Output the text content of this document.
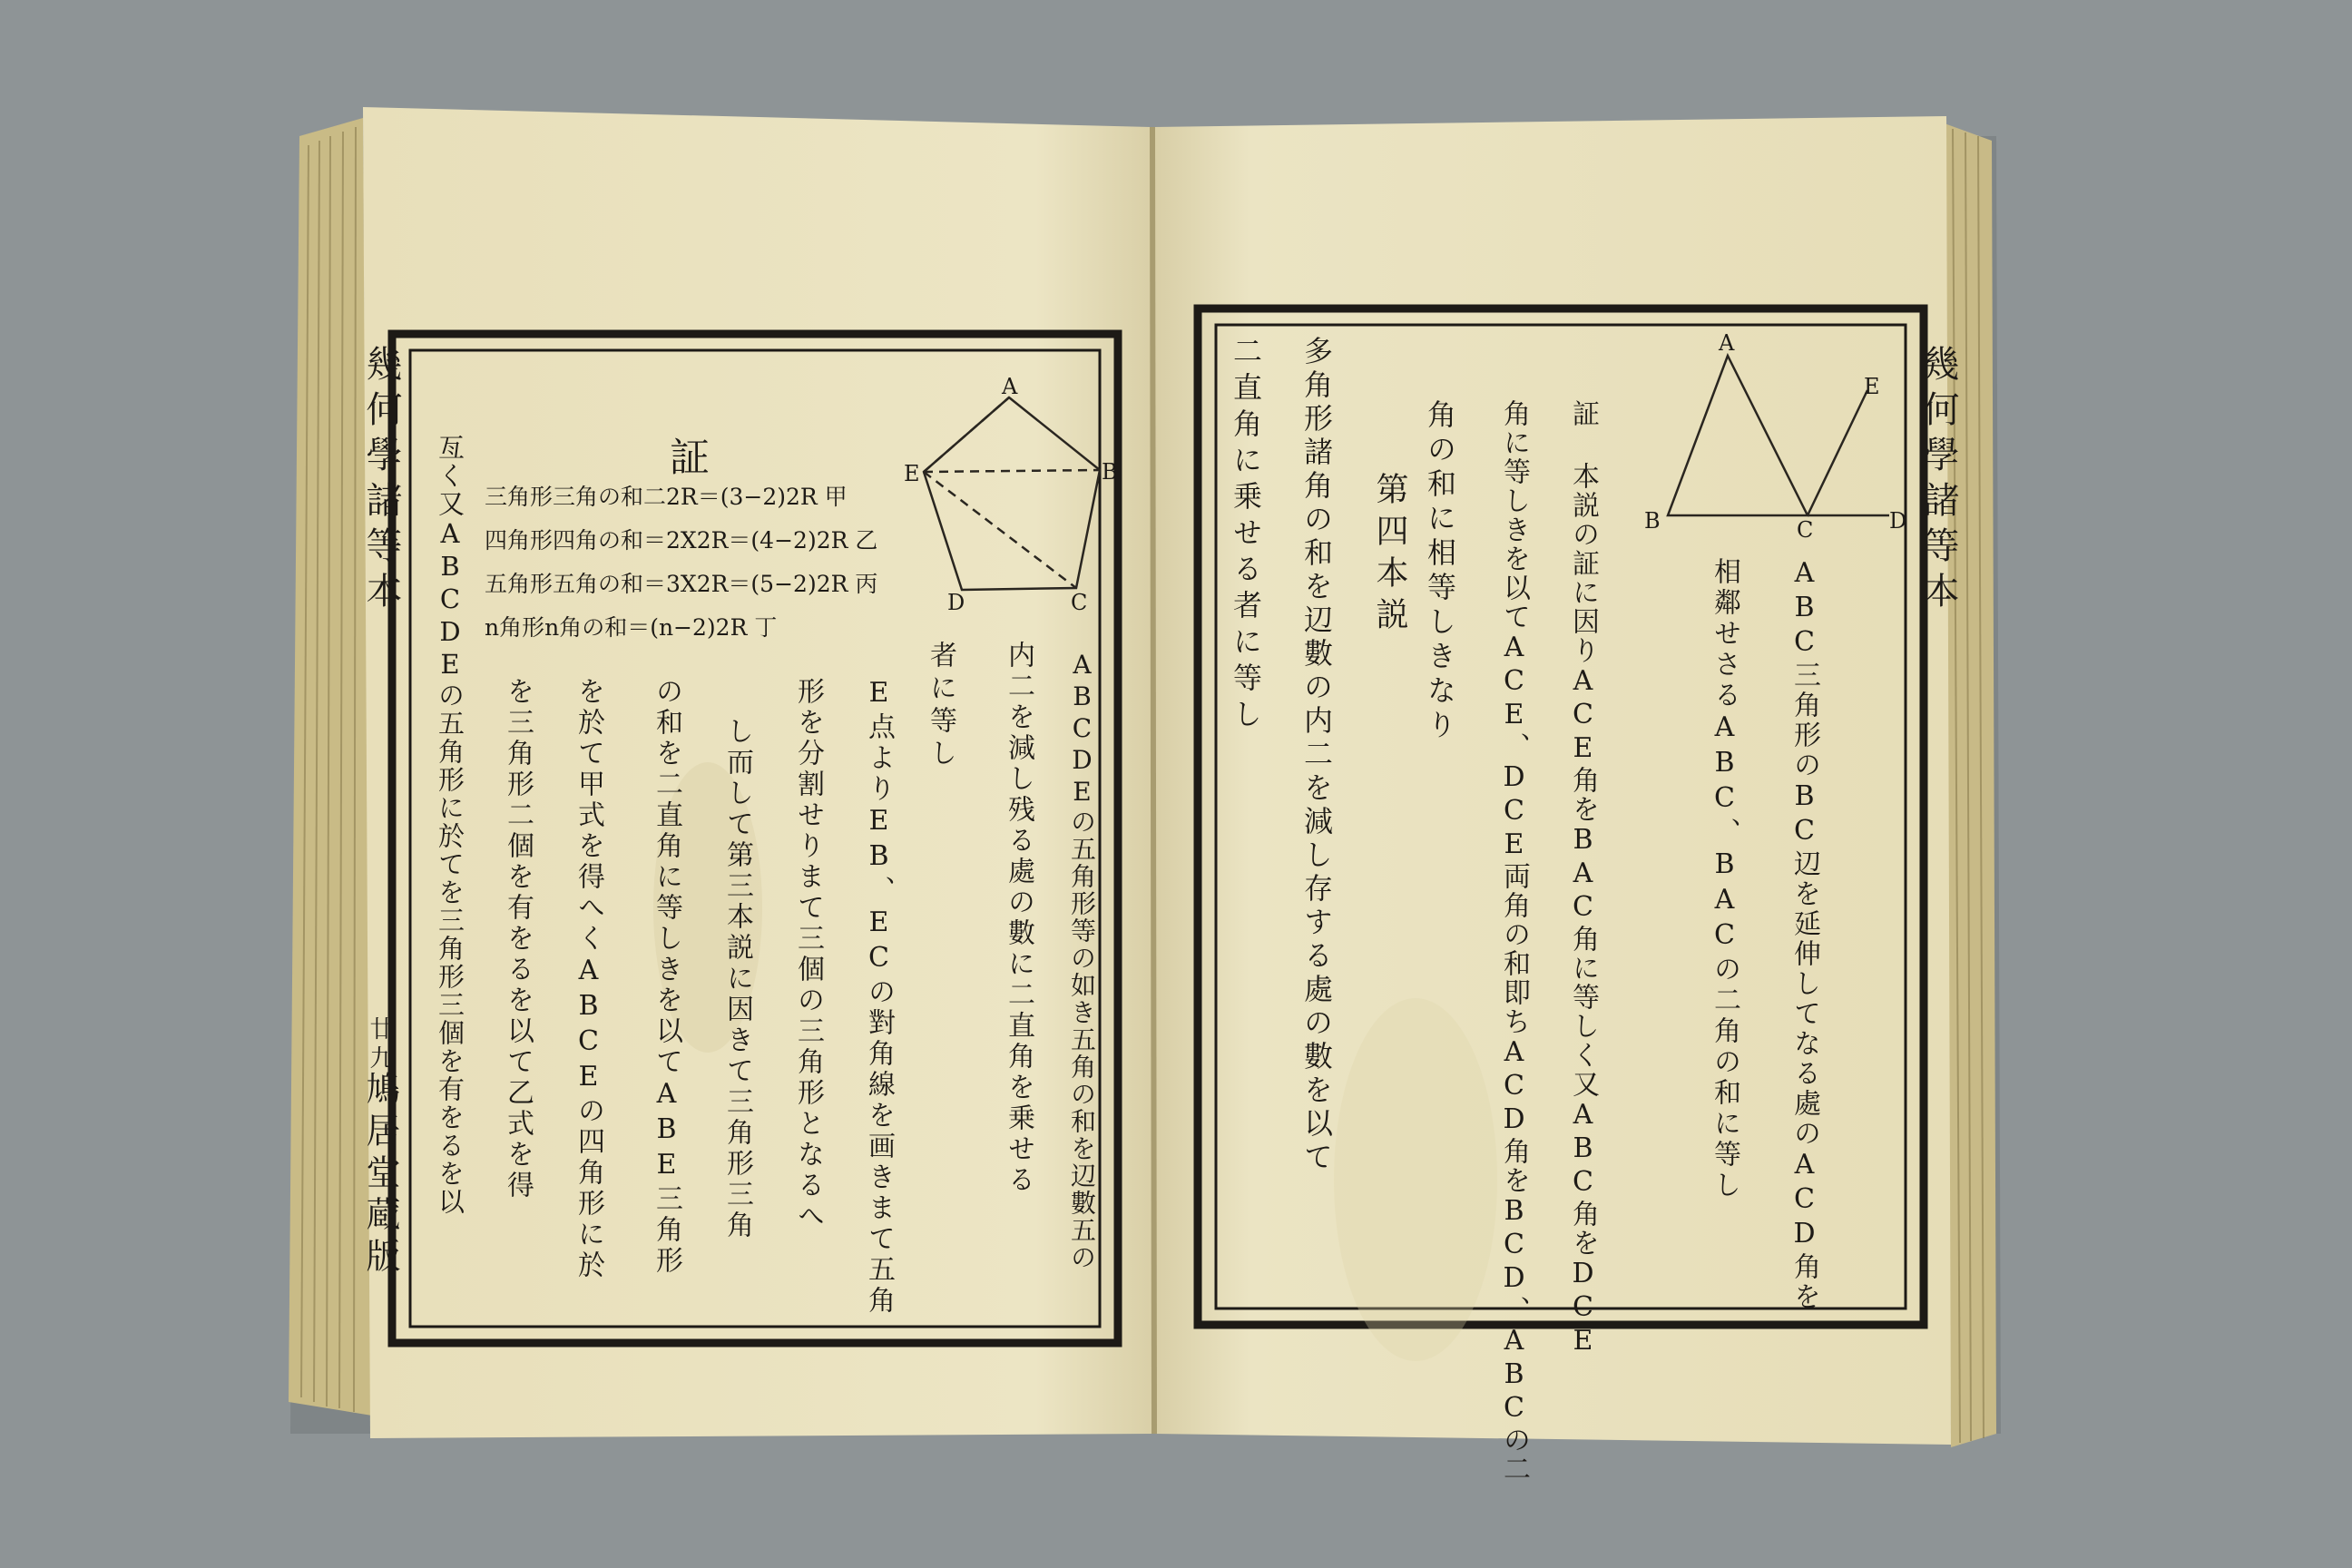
A
B
C
D
E
A
B	C	D
E
幾何學諸等本
廿九
鳩居堂蔵版
証
三角形三角の和二2R＝(3−2)2R 甲
四角形四角の和＝2X2R＝(4−2)2R 乙
五角形五角の和＝3X2R＝(5−2)2R 丙
n角形n角の和＝(n−2)2R 丁
者に等し	ABCDEの五角形等の如き五角の和を辺數五の
内二を減し残る處の數に二直角を乗せる
E点よりEB、ECの對角線を画きまて五角
形を分割せりまて三個の三角形となるへ
し而して第三本説に因きて三角形三角
の和を二直角に等しきを以てABE三角形
を於て甲式を得へくABCEの四角形に於
を三角形二個を有をるを以て乙式を得
亙く又ABCDEの五角形に於てを三角形三個を有をるを以	幾何學諸等本
相鄰せさるABC、BACの二角の和に等し ABC三角形のBC辺を延伸してなる處のACD角を
証 本説の証に因りACE角をBAC角に等しく又ABC角をDCE
角に等しきを以てACE、DCE両角の和即ちACD角をBCD、ABCの二
角の和に相等しきなり
第四本説
多角形諸角の和を辺數の内二を減し存する處の數を以て
二直角に乗せる者に等し
